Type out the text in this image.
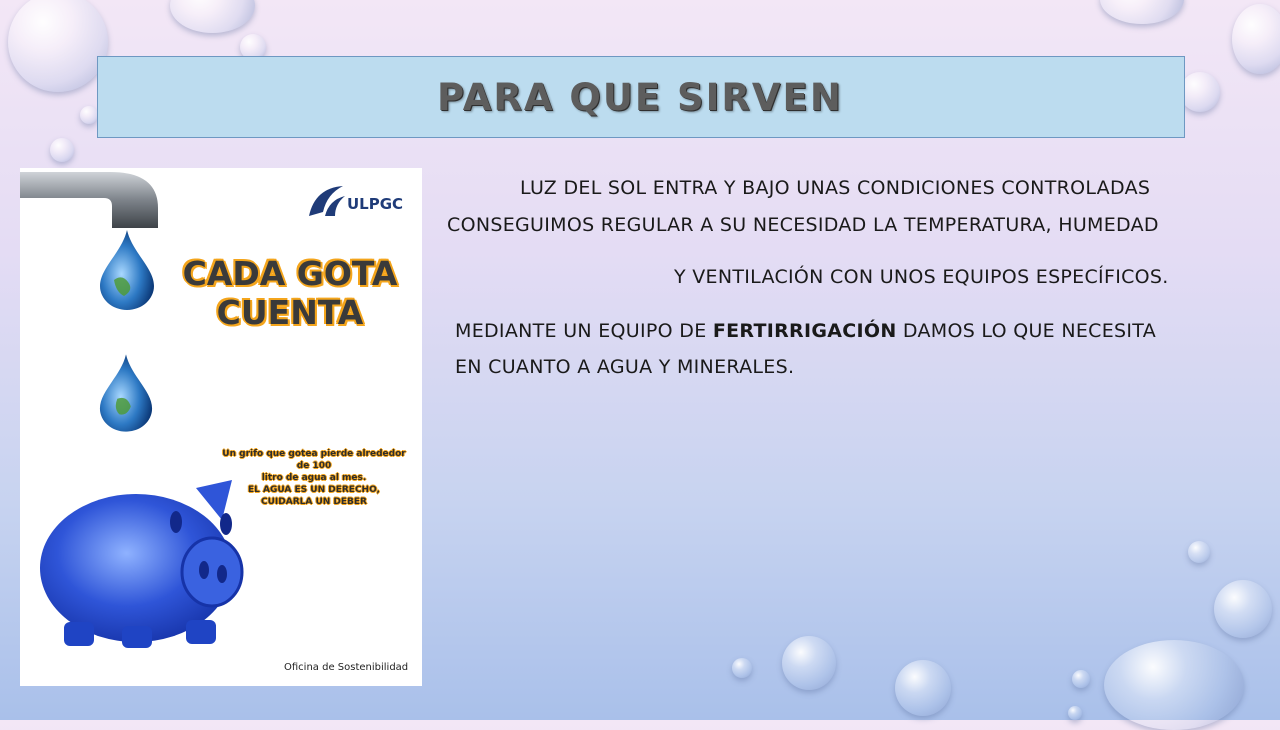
PARA QUE SIRVEN
ULPGC
CADA GOTA
CUENTA
Un grifo que gotea pierde alrededor de 100
litro de agua al mes.
EL AGUA ES UN DERECHO,
CUIDARLA UN DEBER
Oficina de Sostenibilidad
LUZ DEL SOL ENTRA Y BAJO UNAS CONDICIONES CONTROLADAS
CONSEGUIMOS REGULAR A SU NECESIDAD LA TEMPERATURA, HUMEDAD
Y VENTILACIÓN CON UNOS EQUIPOS ESPECÍFICOS.
MEDIANTE UN EQUIPO DE FERTIRRIGACIÓN DAMOS LO QUE NECESITA
EN CUANTO A AGUA Y MINERALES.
